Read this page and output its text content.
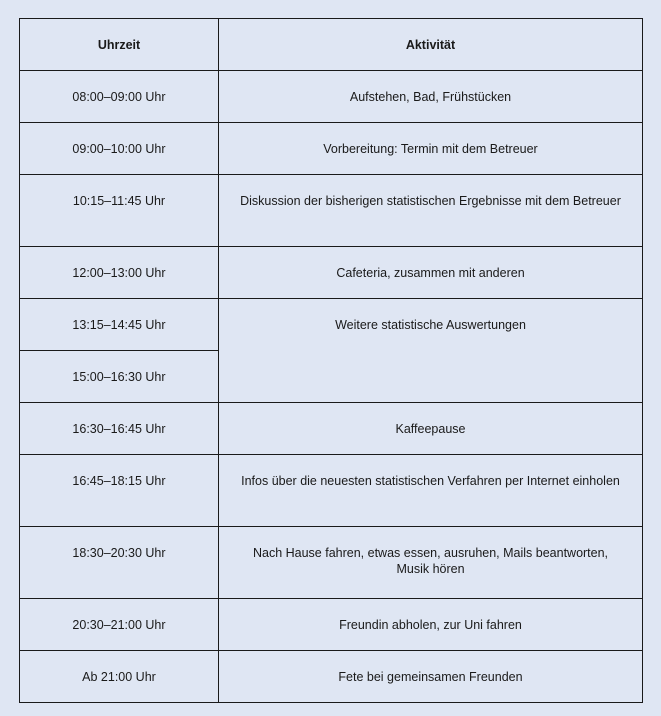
Uhrzeit	Aktivität
08:00–09:00 Uhr	Aufstehen, Bad, Frühstücken
09:00–10:00 Uhr	Vorbereitung: Termin mit dem Betreuer
10:15–11:45 Uhr	Diskussion der bisherigen statistischen Ergebnisse mit dem Betreuer
12:00–13:00 Uhr	Cafeteria, zusammen mit anderen
13:15–14:45 Uhr	Weitere statistische Auswertungen
15:00–16:30 Uhr	
16:30–16:45 Uhr	Kaffeepause
16:45–18:15 Uhr	Infos über die neuesten statistischen Verfahren per Internet einholen
18:30–20:30 Uhr	Nach Hause fahren, etwas essen, ausruhen, Mails beantworten, Musik hören
20:30–21:00 Uhr	Freundin abholen, zur Uni fahren
Ab 21:00 Uhr	Fete bei gemeinsamen Freunden
